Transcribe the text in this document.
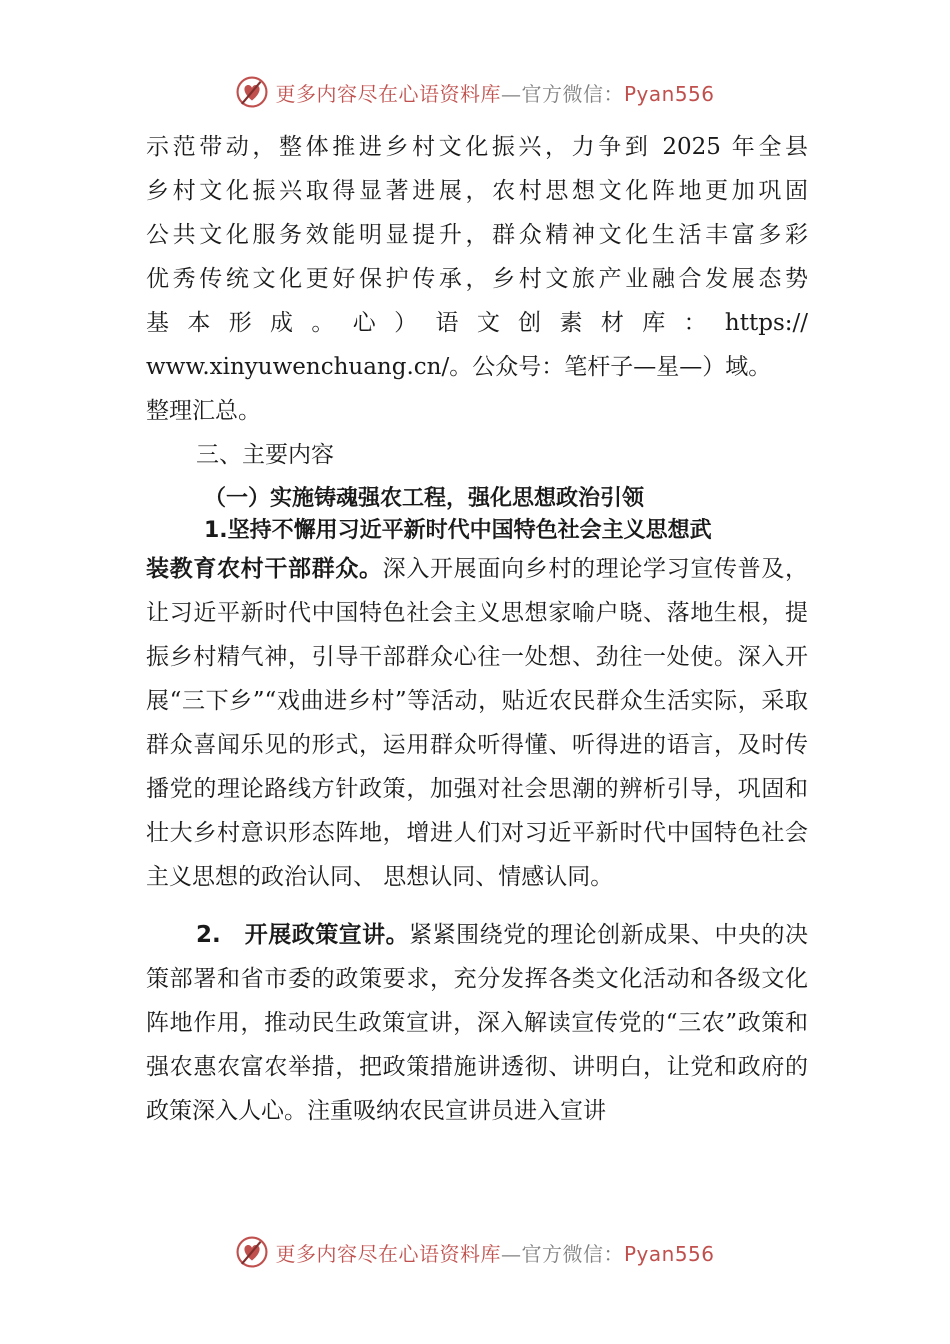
更多内容尽在心语资料库—官方微信：Pyan556

示范带动，整体推进乡村文化振兴，力争到 2025 年全县

乡村文化振兴取得显著进展，农村思想文化阵地更加巩固

公共文化服务效能明显提升，群众精神文化生活丰富多彩

优秀传统文化更好保护传承，乡村文旅产业融合发展态势

基本形成。心）语文创素材库：https://

www.xinyuwenchuang.cn/。公众号：笔杆子—星—）域。

整理汇总。

三、主要内容

（一）实施铸魂强农工程，强化思想政治引领

1.坚持不懈用习近平新时代中国特色社会主义思想武

装教育农村干部群众。深入开展面向乡村的理论学习宣传普及，让习近平新时代中国特色社会主义思想家喻户晓、落地生根，提振乡村精气神，引导干部群众心往一处想、劲往一处使。深入开展“三下乡”“戏曲进乡村”等活动，贴近农民群众生活实际，采取群众喜闻乐见的形式，运用群众听得懂、听得进的语言，及时传播党的理论路线方针政策，加强对社会思潮的辨析引导，巩固和壮大乡村意识形态阵地，增进人们对习近平新时代中国特色社会主义思想的政治认同、 思想认同、情感认同。

2.　开展政策宣讲。紧紧围绕党的理论创新成果、中央的决策部署和省市委的政策要求，充分发挥各类文化活动和各级文化阵地作用，推动民生政策宣讲，深入解读宣传党的“三农”政策和强农惠农富农举措，把政策措施讲透彻、讲明白，让党和政府的政策深入人心。注重吸纳农民宣讲员进入宣讲

更多内容尽在心语资料库—官方微信：Pyan556
